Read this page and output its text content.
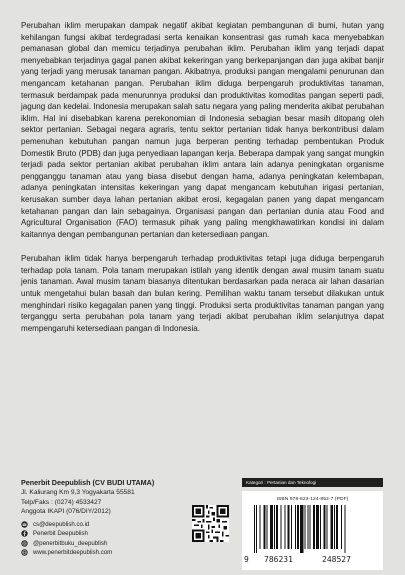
Perubahan iklim merupakan dampak negatif akibat kegiatan pembangunan di bumi, hutan yang kehilangan fungsi akibat terdegradasi serta kenaikan konsentrasi gas rumah kaca menyebabkan pemanasan global dan memicu terjadinya perubahan iklim. Perubahan iklim yang terjadi dapat menyebabkan terjadinya gagal panen akibat kekeringan yang berkepanjangan dan juga akibat banjir yang terjadi yang merusak tanaman pangan. Akibatnya, produksi pangan mengalami penurunan dan mengancam ketahanan pangan. Perubahan iklim diduga berpengaruh produktivitas tanaman, termasuk berdampak pada menurunnya produksi dan produktivitas komoditas pangan seperti padi, jagung dan kedelai. Indonesia merupakan salah satu negara yang paling menderita akibat perubahan iklim. Hal ini disebabkan karena perekonomian di Indonesia sebagian besar masih ditopang oleh sektor pertanian. Sebagai negara agraris, tentu sektor pertanian tidak hanya berkontribusi dalam pemenuhan kebutuhan pangan namun juga berperan penting terhadap pembentukan Produk Domestik Bruto (PDB) dan juga penyediaan lapangan kerja. Beberapa dampak yang sangat mungkin terjadi pada sektor pertanian akibat perubahan iklim antara lain adanya peningkatan organisme pengganggu tanaman atau yang biasa disebut dengan hama, adanya peningkatan kelembapan, adanya peningkatan intensitas kekeringan yang dapat mengancam kebutuhan irigasi pertanian, kerusakan sumber daya lahan pertanian akibat erosi, kegagalan panen yang dapat mengancam ketahanan pangan dan lain sebagainya. Organisasi pangan dan pertanian dunia atau Food and Agricultural Organisation (FAO) termasuk pihak yang paling mengkhawatirkan kondisi ini dalam kaitannya dengan pembangunan pertanian dan ketersediaan pangan.

Perubahan iklim tidak hanya berpengaruh terhadap produktivitas tetapi juga diduga berpengaruh terhadap pola tanam. Pola tanam merupakan istilah yang identik dengan awal musim tanam suatu jenis tanaman. Awal musim tanam biasanya ditentukan berdasarkan pada neraca air lahan dasarian untuk mengetahui bulan basah dan bulan kering. Pemilihan waktu tanam tersebut dilakukan untuk menghindari risiko kegagalan panen yang tinggi. Produksi serta produktivitas tanaman pangan yang terganggu serta perubahan pola tanam yang terjadi akibat perubahan iklim selanjutnya dapat mempengaruhi ketersediaan pangan di Indonesia.

Penerbit Deepublish (CV BUDI UTAMA)
Jl. Kaliurang Km 9,3 Yogyakarta 55581
Telp/Faks : (0274) 4533427
Anggota IKAPI (076/DIY/2012)
cs@deepublish.co.id
Penerbit Deepublish
@penerbitbuku_deepublish
www.penerbitdeepublish.com
Kategori : Pertanian dan Teknologi
ISBN 978-623-124-852-7 (PDF)
9 786231	248527
